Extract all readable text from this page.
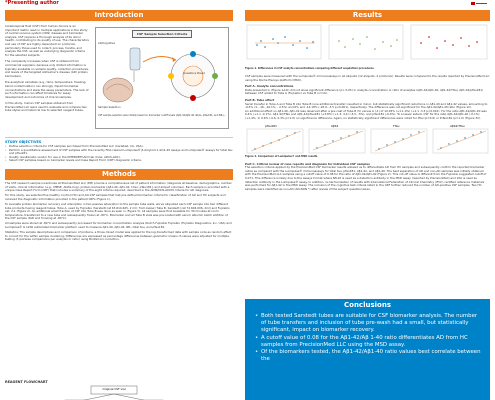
*Presenting author
Introduction

Cerebrospinal fluid (CSF) from human donors is an important matrix used in multiple applications in the study of central nervous system (CNS) disease and biomarker analysis. CSF requires a thorough analysis of its donor health, contributing to its quality of use. The characteristics and use of CSF are highly dependent on protocols, particularly those used to collect, process, handle, and analyze the CSF, as well as underlying diagnostic criteria for the selected subjects.

The complexity increases when CSF is obtained from commercial suppliers, because only limited information is typically available on sample quality, collection procedures, and levels of the targeted Alzheimer's disease (AD) protein biomarkers.

Pre-analytical variables (e.g., time, temperature, freezing, blood contamination) can strongly impact biomarker concentrations and skew the assay parameters. The lack of such information can affect timelines for assay development and outcomes of clinical samples.

In this study, human CSF samples obtained from PrecisionMed LLC were used to evaluate and compare two tube styles and historical low to selected reagent tubes.

CSF Sample Selection Criteria
AD/Cognitive
Questions Posed
Sample Selection
CSF sample selection was initially based on biomarker cutoff levels (Aβ1-42/Aβ1-40 ratios, pTau181, and NfL)...
STUDY OBJECTIVES
• Define selection criteria for CSF samples purchased from PrecisionMed LLC (Carlsbad, CA, USA).
• Perform a quantitative assessment of CSF samples with the recently FDA-cleared Lumipulse® β-Amyloid 1-42/1-40 assays and Lumipulse® assays for total tau and pTau181.
• Qualify results/ratio vendor for use in the INTERCEPT-AD trial (Cole; ADCS-ADC).
• Select CSF samples based on biomarker levels and Case Report Form (CRF) diagnostic criteria.
Methods

The CSF research sample inventories at PrecisionMed LLC (PM) provide a comprehensive list of patient information (diagnosis at baseline, demographics, number of visits, clinical information (e.g., MMSE, ADAS-Cog), protein biomarker [Aβ1-40, Aβ1-42, t-tau, pTau181], and aliquot volumes). Each sample is provided with a unique Case Report Form (CRF) that includes a summary of the eight criteria required, described in the ADNI/CDS-ADCM criteria for AD diagnosis.

For this study, we selected five healthy control (HC) and AD-CSF samples that met pre-defined biomarker criteria for classification of AD and HC subjects and received the diagnostic information provided in the patient CRFs (Figure 1).

To evaluate protein biomarker recovery and adsorption in two passive adsorption to the sample tube walls, we've aliquoted each CSF sample into two different tube products having reagent tubes. Tube A, used by Fujirebio (Sarstedt cat 63.614.625, 2 ml); from below) Tube B, Sarstedt (cat 72.694.006, 2ml) and Fujirebio cat. 2-1 (Figure 2). An additional small fraction of CSF into Tube B was done as seen in (Figure 3). All samples were first available for 30 minutes at room temperature, transferred to a new tube and subsequently frozen at -80°C. Biomarker and all Tube B vials was pre-coated with serum albumin batch addition of the CSF sample (tAD and froozing at -80°C).

All samples were stored at -80°C and subsequently processed for biomarker concentration analysis (Dutch Fujirebio Fujirebio (Fujirebio Diagnostics, Inc. USA) and Lumipulse® G 1200 automated biomarker platform used to measure Aβ1-40, Aβ1-42, NfL, total tau, and pTau181.

Statistics: The sample descriptives and comparison of proteins, a three-mixed model was applied to the log-transformed data with sample code as random effect to correct for the within sample clustering. Differences are expressed as percentage differences between geometric means. P-values were adjusted for multiple testing (3 pairwise comparisons per analyte) or ratio) using Bonferroni correction.

REAGENT FLOWCHART
Original CSF vial
Results
Figure 1. Differences in CSF analyte concentrations comparing different acquisition procedures

CSF samples were measured with the Lumipulse® immunoassays in all aliquots (12 aliquots, 4 protocols). Results were compared to the results reported by PrecisionMed LLC using the Roche Elecsys platform (MSD).

Part A. Analyte concentrations

Data presented in (Figure 1A-D) did not show significant difference (p> 0.05) in analyte concentration or ratio of analytes (Aβ1-42/Aβ1-40, Aβ1-42/TTau, Aβ1-42/pTau181) between CSF added to Tube A (Fujirebio) vs Tube B (n=10).

Part B. Tube effect

Serial transfer in Tube A and Tube B into Tube B (one additional transfer) resulted in minor, but statistically significant reductions in Aβ1-40 and Aβ1-42 values, amounting to -9.5% (±, -16, -10.1%, - 2.5%) and 6% and -14.18% (-18.9, -3.5 p<0.001), respectively. The difference was not significant for the Aβ1-42/Aβ1-40 ratio (Figure 1C).

An additional effect on Aβ1-40, Aβ1-42 was observed after a pre-coat of Tube B (5) versus A (-1) of 10.93% (+1.1-0%) (+1.1 -3.5 p<0.001). For the ratio Aβ1-42/Aβ1-40 was 0.4% (+1.1 -0.1%), Aβ1-42/TTau and Aβ1-42/pTau181 (+3.8%) (+1.3, 4.4) (-5.5, -5%), and pTau181 (-6.9%). To a lesser extent, CSF for the ratio Aβ1-42/Aβ1-40 (-0.1%) (+1.4%; 1) 0.6% (-0.6, 0.3% p=1.0) no significance difference. Again, no statistically significant differences were noted for tTau (p=0.6) or P-Tau181 (p=1.0) (Figure 3C).

pTau181	Aβ42	TTau	Aβ42/TTau
Figure 2. Comparison of Lumipulse® and MSD results
Part C. Critical review of case reports and diagnosis for individual CSF samples

The selection criteria applied by the PrecisionMed CSF biomarker results allowed us to differentiate AD from HC samples and subsequently confirm the reported biomarker ratios as compared with the Lumipulse® immunoassays for total tau, pTau181, Aβ1-42, and Aβ1-40. The best separation of AD and non-AD samples was initially obtained with the PrecisionMed LLC samples using a cutoff value of 0.08 for the ratio of Aβ1-42/Aβ1-40 (Figure 2). This cut-off value is different from the Fujirebio suggested cutoff of 0.071. This difference is likely due to the assays format where NfL10 is used as a detection antibody in the MSD assay (reported by PrecisionMed) and 10A is used as detection antibody in the Lumipulse® assay. In addition, re-harmonization of results with International Federation of Clinical Chemistry (IFCC) certified reference materials was performed for Aβ1-42 in the MSD assay. The inclusion of the cognitive test criteria listed in the CRF further reduced the number of AD-positive CSF samples. Two HC samples were identified as non-AD (AD-NON *) after review of the subject questionnaires.

Conclusions
• Both tested Sarstedt tubes are suitable for CSF biomarker analysis. The number of tube transfers and inclusion of tube pre-wash had a small, but statistically significant, impact on biomarker recovery.
• A cutoff value of 0.08 for the Aβ1-42/Aβ 1-40 ratio differentiates AD from HC samples from PrecisionMed LLC using the MSD assay.
• Of the biomarkers tested, the Aβ1-42/Aβ1-40 ratio values best correlate between the
